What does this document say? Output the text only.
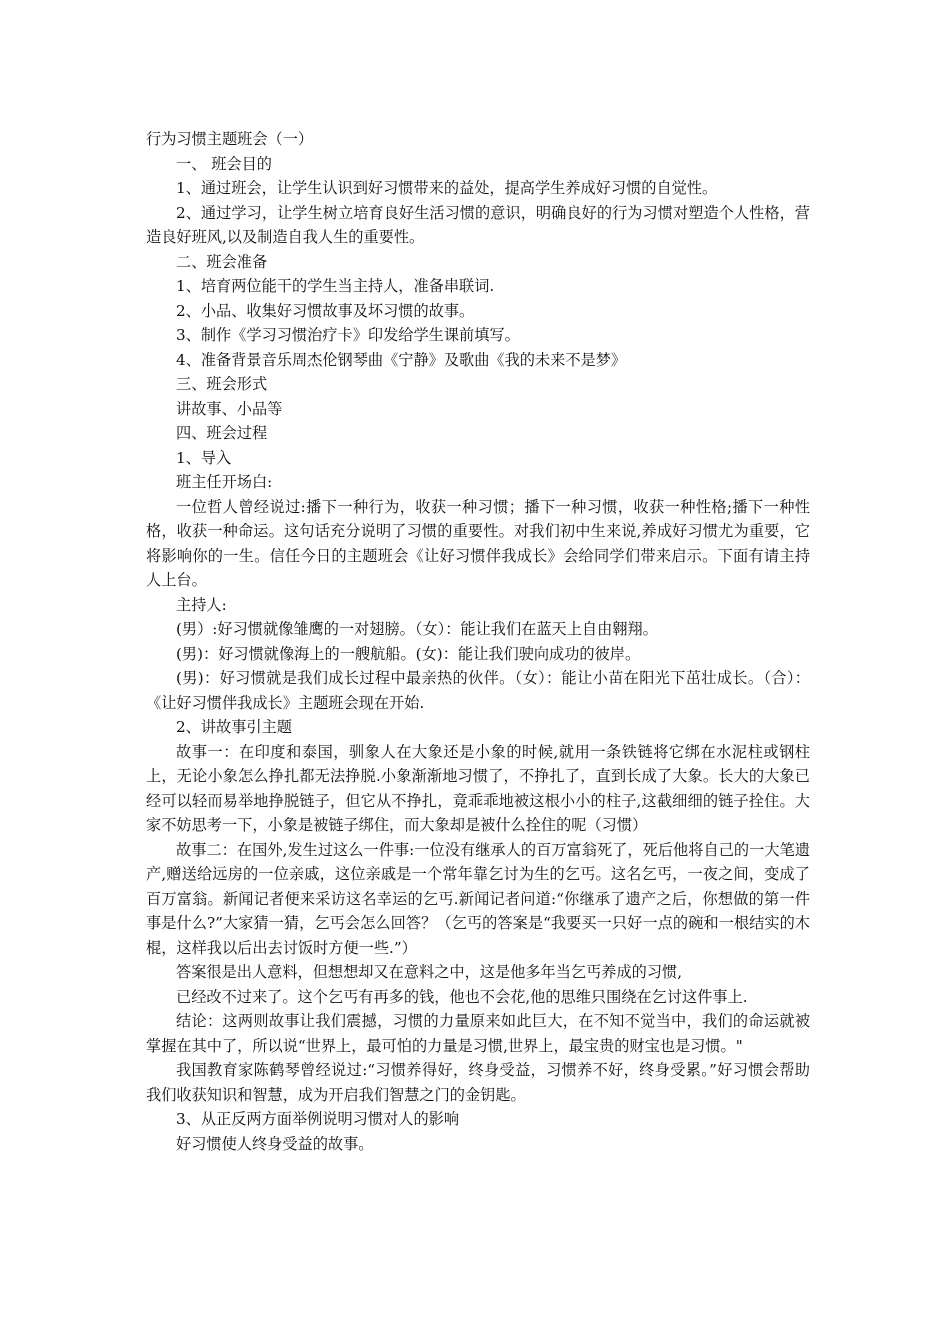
行为习惯主题班会（一）

一、 班会目的

1、通过班会，让学生认识到好习惯带来的益处，提高学生养成好习惯的自觉性。

2、通过学习，让学生树立培育良好生活习惯的意识，明确良好的行为习惯对塑造个人性格，营造良好班风,以及制造自我人生的重要性。

二、班会准备

1、培育两位能干的学生当主持人，准备串联词.

2、小品、收集好习惯故事及坏习惯的故事。

3、制作《学习习惯治疗卡》印发给学生课前填写。

4、准备背景音乐周杰伦钢琴曲《宁静》及歌曲《我的未来不是梦》

三、班会形式

讲故事、小品等

四、班会过程

1、导入

班主任开场白:

一位哲人曾经说过:播下一种行为，收获一种习惯；播下一种习惯，收获一种性格;播下一种性格，收获一种命运。这句话充分说明了习惯的重要性。对我们初中生来说,养成好习惯尤为重要，它将影响你的一生。信任今日的主题班会《让好习惯伴我成长》会给同学们带来启示。下面有请主持人上台。

主持人:

(男）:好习惯就像雏鹰的一对翅膀。（女）：能让我们在蓝天上自由翱翔。

(男)：好习惯就像海上的一艘航船。(女)：能让我们驶向成功的彼岸。

(男)：好习惯就是我们成长过程中最亲热的伙伴。（女）：能让小苗在阳光下茁壮成长。（合）：《让好习惯伴我成长》主题班会现在开始.

2、讲故事引主题

故事一：在印度和泰国，驯象人在大象还是小象的时候,就用一条铁链将它绑在水泥柱或钢柱上，无论小象怎么挣扎都无法挣脱.小象渐渐地习惯了，不挣扎了，直到长成了大象。长大的大象已经可以轻而易举地挣脱链子，但它从不挣扎，竟乖乖地被这根小小的柱子,这截细细的链子拴住。大家不妨思考一下，小象是被链子绑住，而大象却是被什么拴住的呢（习惯）

故事二：在国外,发生过这么一件事:一位没有继承人的百万富翁死了，死后他将自己的一大笔遗产,赠送给远房的一位亲戚，这位亲戚是一个常年靠乞讨为生的乞丐。这名乞丐，一夜之间，变成了百万富翁。新闻记者便来采访这名幸运的乞丐.新闻记者问道:“你继承了遗产之后，你想做的第一件事是什么?”大家猜一猜，乞丐会怎么回答？（乞丐的答案是“我要买一只好一点的碗和一根结实的木棍，这样我以后出去讨饭时方便一些.”）

答案很是出人意料，但想想却又在意料之中，这是他多年当乞丐养成的习惯,

已经改不过来了。这个乞丐有再多的钱，他也不会花,他的思维只围绕在乞讨这件事上.

结论：这两则故事让我们震撼，习惯的力量原来如此巨大，在不知不觉当中，我们的命运就被掌握在其中了，所以说“世界上，最可怕的力量是习惯,世界上，最宝贵的财宝也是习惯。"

我国教育家陈鹤琴曾经说过:“习惯养得好，终身受益，习惯养不好，终身受累。”好习惯会帮助我们收获知识和智慧，成为开启我们智慧之门的金钥匙。

3、从正反两方面举例说明习惯对人的影响

好习惯使人终身受益的故事。
